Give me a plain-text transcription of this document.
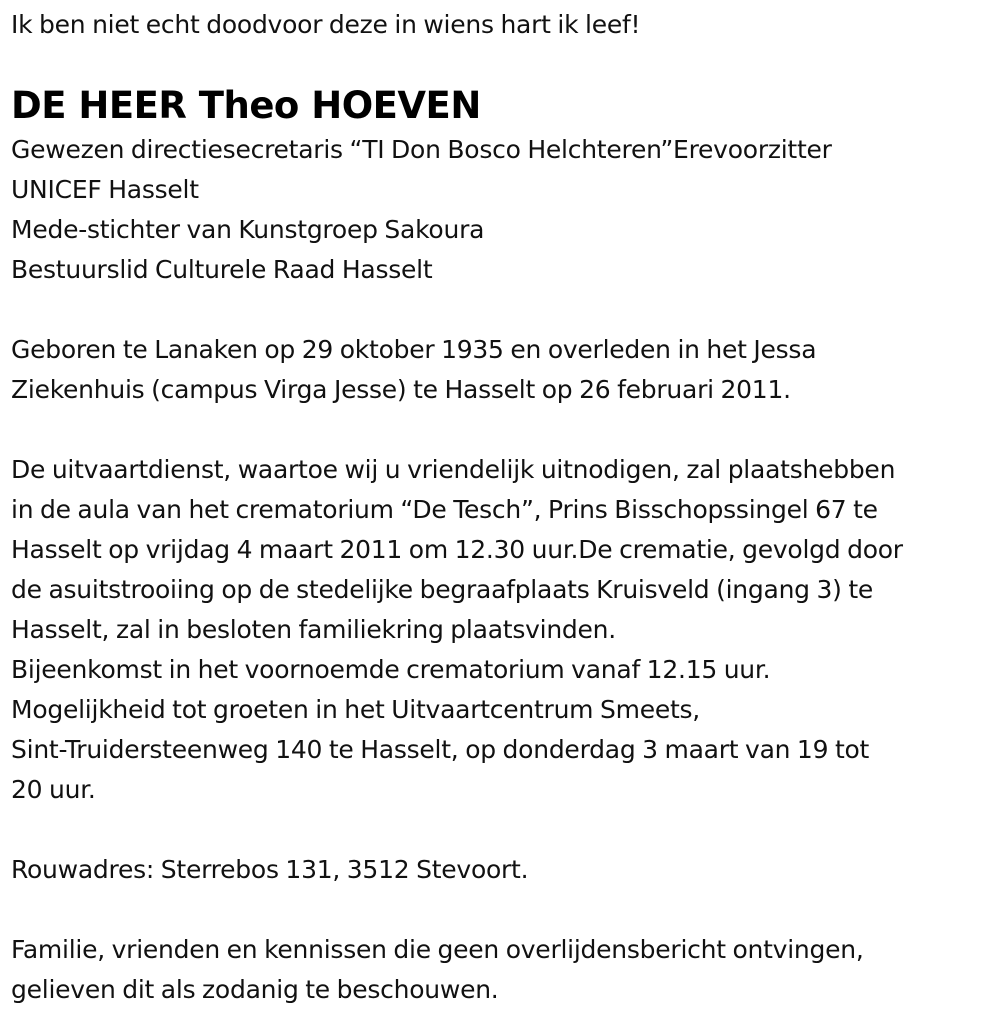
Ik ben niet echt doodvoor deze in wiens hart ik leef!
DE HEER Theo HOEVEN
Gewezen directiesecretaris “TI Don Bosco Helchteren”Erevoorzitter
UNICEF Hasselt
Mede-stichter van Kunstgroep Sakoura
Bestuurslid Culturele Raad Hasselt
Geboren te Lanaken op 29 oktober 1935 en overleden in het Jessa
Ziekenhuis (campus Virga Jesse) te Hasselt op 26 februari 2011.
De uitvaartdienst, waartoe wij u vriendelijk uitnodigen, zal plaatshebben
in de aula van het crematorium “De Tesch”, Prins Bisschopssingel 67 te
Hasselt op vrijdag 4 maart 2011 om 12.30 uur.De crematie, gevolgd door
de asuitstrooiing op de stedelijke begraafplaats Kruisveld (ingang 3) te
Hasselt, zal in besloten familiekring plaatsvinden.
Bijeenkomst in het voornoemde crematorium vanaf 12.15 uur.
Mogelijkheid tot groeten in het Uitvaartcentrum Smeets,
Sint-Truidersteenweg 140 te Hasselt, op donderdag 3 maart van 19 tot
20 uur.
Rouwadres: Sterrebos 131, 3512 Stevoort.
Familie, vrienden en kennissen die geen overlijdensbericht ontvingen,
gelieven dit als zodanig te beschouwen.
